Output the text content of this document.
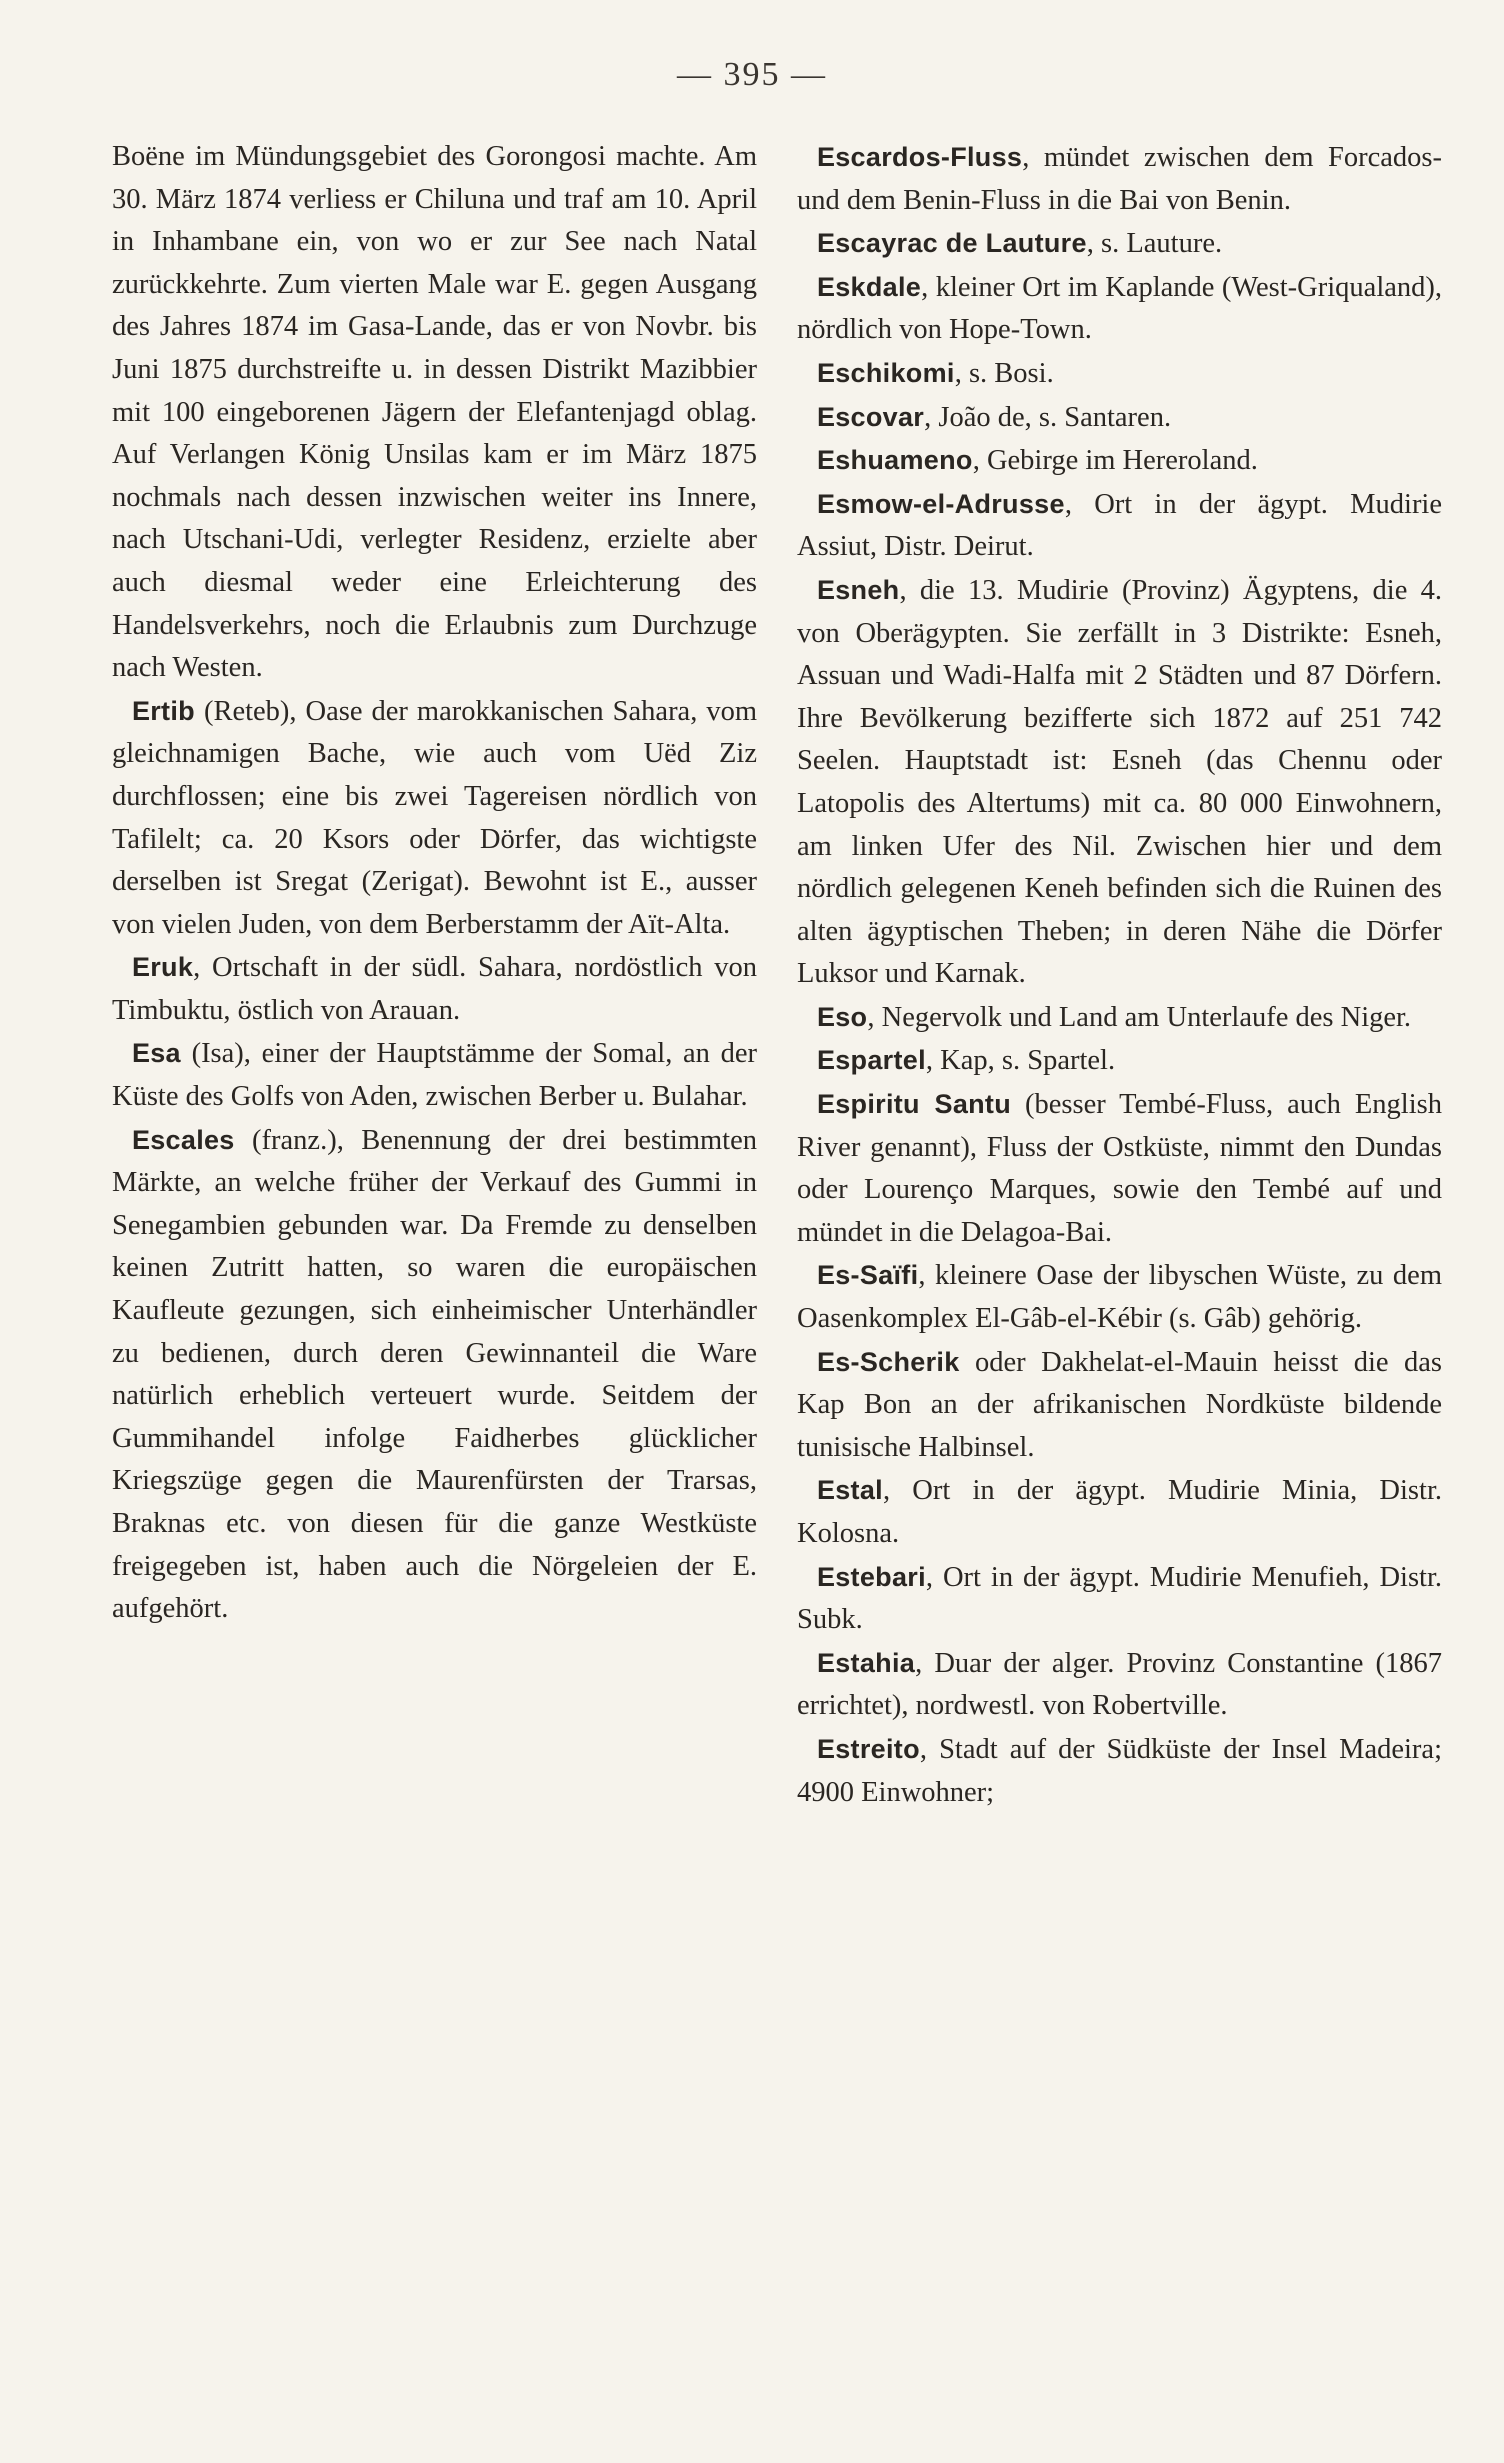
— 395 —

Boëne im Mündungsgebiet des Gorongosi machte. Am 30. März 1874 verliess er Chiluna und traf am 10. April in Inhambane ein, von wo er zur See nach Natal zurückkehrte. Zum vierten Male war E. gegen Ausgang des Jahres 1874 im Gasa-Lande, das er von Novbr. bis Juni 1875 durchstreifte u. in dessen Distrikt Mazibbier mit 100 eingeborenen Jägern der Elefantenjagd oblag. Auf Verlangen König Unsilas kam er im März 1875 nochmals nach dessen inzwischen weiter ins Innere, nach Utschani-Udi, verlegter Residenz, erzielte aber auch diesmal weder eine Erleichterung des Handelsverkehrs, noch die Erlaubnis zum Durchzuge nach Westen.

Ertib (Reteb), Oase der marokkanischen Sahara, vom gleichnamigen Bache, wie auch vom Uëd Ziz durchflossen; eine bis zwei Tagereisen nördlich von Tafilelt; ca. 20 Ksors oder Dörfer, das wichtigste derselben ist Sregat (Zerigat). Bewohnt ist E., ausser von vielen Juden, von dem Berberstamm der Aït-Alta.

Eruk, Ortschaft in der südl. Sahara, nordöstlich von Timbuktu, östlich von Arauan.

Esa (Isa), einer der Hauptstämme der Somal, an der Küste des Golfs von Aden, zwischen Berber u. Bulahar.

Escales (franz.), Benennung der drei bestimmten Märkte, an welche früher der Verkauf des Gummi in Senegambien gebunden war. Da Fremde zu denselben keinen Zutritt hatten, so waren die europäischen Kaufleute gezungen, sich einheimischer Unterhändler zu bedienen, durch deren Gewinnanteil die Ware natürlich erheblich verteuert wurde. Seitdem der Gummihandel infolge Faidherbes glücklicher Kriegszüge gegen die Maurenfürsten der Trarsas, Braknas etc. von diesen für die ganze Westküste freigegeben ist, haben auch die Nörgeleien der E. aufgehört.

Escardos-Fluss, mündet zwischen dem Forcados- und dem Benin-Fluss in die Bai von Benin.

Escayrac de Lauture, s. Lauture.

Eskdale, kleiner Ort im Kaplande (West-Griqualand), nördlich von Hope-Town.

Eschikomi, s. Bosi.

Escovar, João de, s. Santaren.

Eshuameno, Gebirge im Hereroland.

Esmow-el-Adrusse, Ort in der ägypt. Mudirie Assiut, Distr. Deirut.

Esneh, die 13. Mudirie (Provinz) Ägyptens, die 4. von Oberägypten. Sie zerfällt in 3 Distrikte: Esneh, Assuan und Wadi-Halfa mit 2 Städten und 87 Dörfern. Ihre Bevölkerung bezifferte sich 1872 auf 251 742 Seelen. Hauptstadt ist: Esneh (das Chennu oder Latopolis des Altertums) mit ca. 80 000 Einwohnern, am linken Ufer des Nil. Zwischen hier und dem nördlich gelegenen Keneh befinden sich die Ruinen des alten ägyptischen Theben; in deren Nähe die Dörfer Luksor und Karnak.

Eso, Negervolk und Land am Unterlaufe des Niger.

Espartel, Kap, s. Spartel.

Espiritu Santu (besser Tembé-Fluss, auch English River genannt), Fluss der Ostküste, nimmt den Dundas oder Lourenço Marques, sowie den Tembé auf und mündet in die Delagoa-Bai.

Es-Saïfi, kleinere Oase der libyschen Wüste, zu dem Oasenkomplex El-Gâb-el-Kébir (s. Gâb) gehörig.

Es-Scherik oder Dakhelat-el-Mauin heisst die das Kap Bon an der afrikanischen Nordküste bildende tunisische Halbinsel.

Estal, Ort in der ägypt. Mudirie Minia, Distr. Kolosna.

Estebari, Ort in der ägypt. Mudirie Menufieh, Distr. Subk.

Estahia, Duar der alger. Provinz Constantine (1867 errichtet), nordwestl. von Robertville.

Estreito, Stadt auf der Südküste der Insel Madeira; 4900 Einwohner;
